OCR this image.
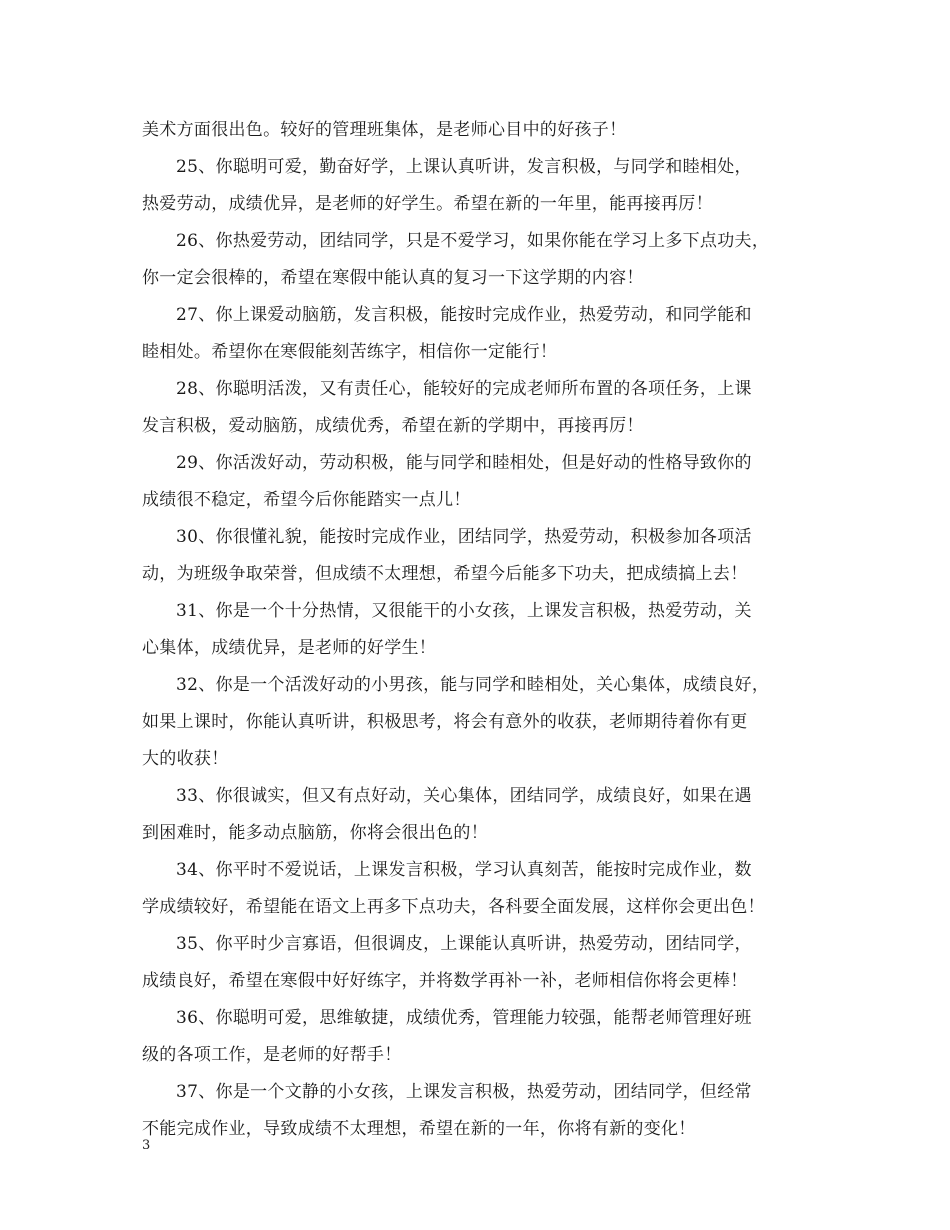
美术方面很出色。较好的管理班集体，是老师心目中的好孩子！
25、你聪明可爱，勤奋好学，上课认真听讲，发言积极，与同学和睦相处，
热爱劳动，成绩优异，是老师的好学生。希望在新的一年里，能再接再厉！
26、你热爱劳动，团结同学，只是不爱学习，如果你能在学习上多下点功夫，
你一定会很棒的，希望在寒假中能认真的复习一下这学期的内容！
27、你上课爱动脑筋，发言积极，能按时完成作业，热爱劳动，和同学能和
睦相处。希望你在寒假能刻苦练字，相信你一定能行！
28、你聪明活泼，又有责任心，能较好的完成老师所布置的各项任务，上课
发言积极，爱动脑筋，成绩优秀，希望在新的学期中，再接再厉！
29、你活泼好动，劳动积极，能与同学和睦相处，但是好动的性格导致你的
成绩很不稳定，希望今后你能踏实一点儿！
30、你很懂礼貌，能按时完成作业，团结同学，热爱劳动，积极参加各项活
动，为班级争取荣誉，但成绩不太理想，希望今后能多下功夫，把成绩搞上去！
31、你是一个十分热情，又很能干的小女孩，上课发言积极，热爱劳动，关
心集体，成绩优异，是老师的好学生！
32、你是一个活泼好动的小男孩，能与同学和睦相处，关心集体，成绩良好，
如果上课时，你能认真听讲，积极思考，将会有意外的收获，老师期待着你有更
大的收获！
33、你很诚实，但又有点好动，关心集体，团结同学，成绩良好，如果在遇
到困难时，能多动点脑筋，你将会很出色的！
34、你平时不爱说话，上课发言积极，学习认真刻苦，能按时完成作业，数
学成绩较好，希望能在语文上再多下点功夫，各科要全面发展，这样你会更出色！
35、你平时少言寡语，但很调皮，上课能认真听讲，热爱劳动，团结同学，
成绩良好，希望在寒假中好好练字，并将数学再补一补，老师相信你将会更棒！
36、你聪明可爱，思维敏捷，成绩优秀，管理能力较强，能帮老师管理好班
级的各项工作，是老师的好帮手！
37、你是一个文静的小女孩，上课发言积极，热爱劳动，团结同学，但经常
不能完成作业，导致成绩不太理想，希望在新的一年，你将有新的变化！
3
